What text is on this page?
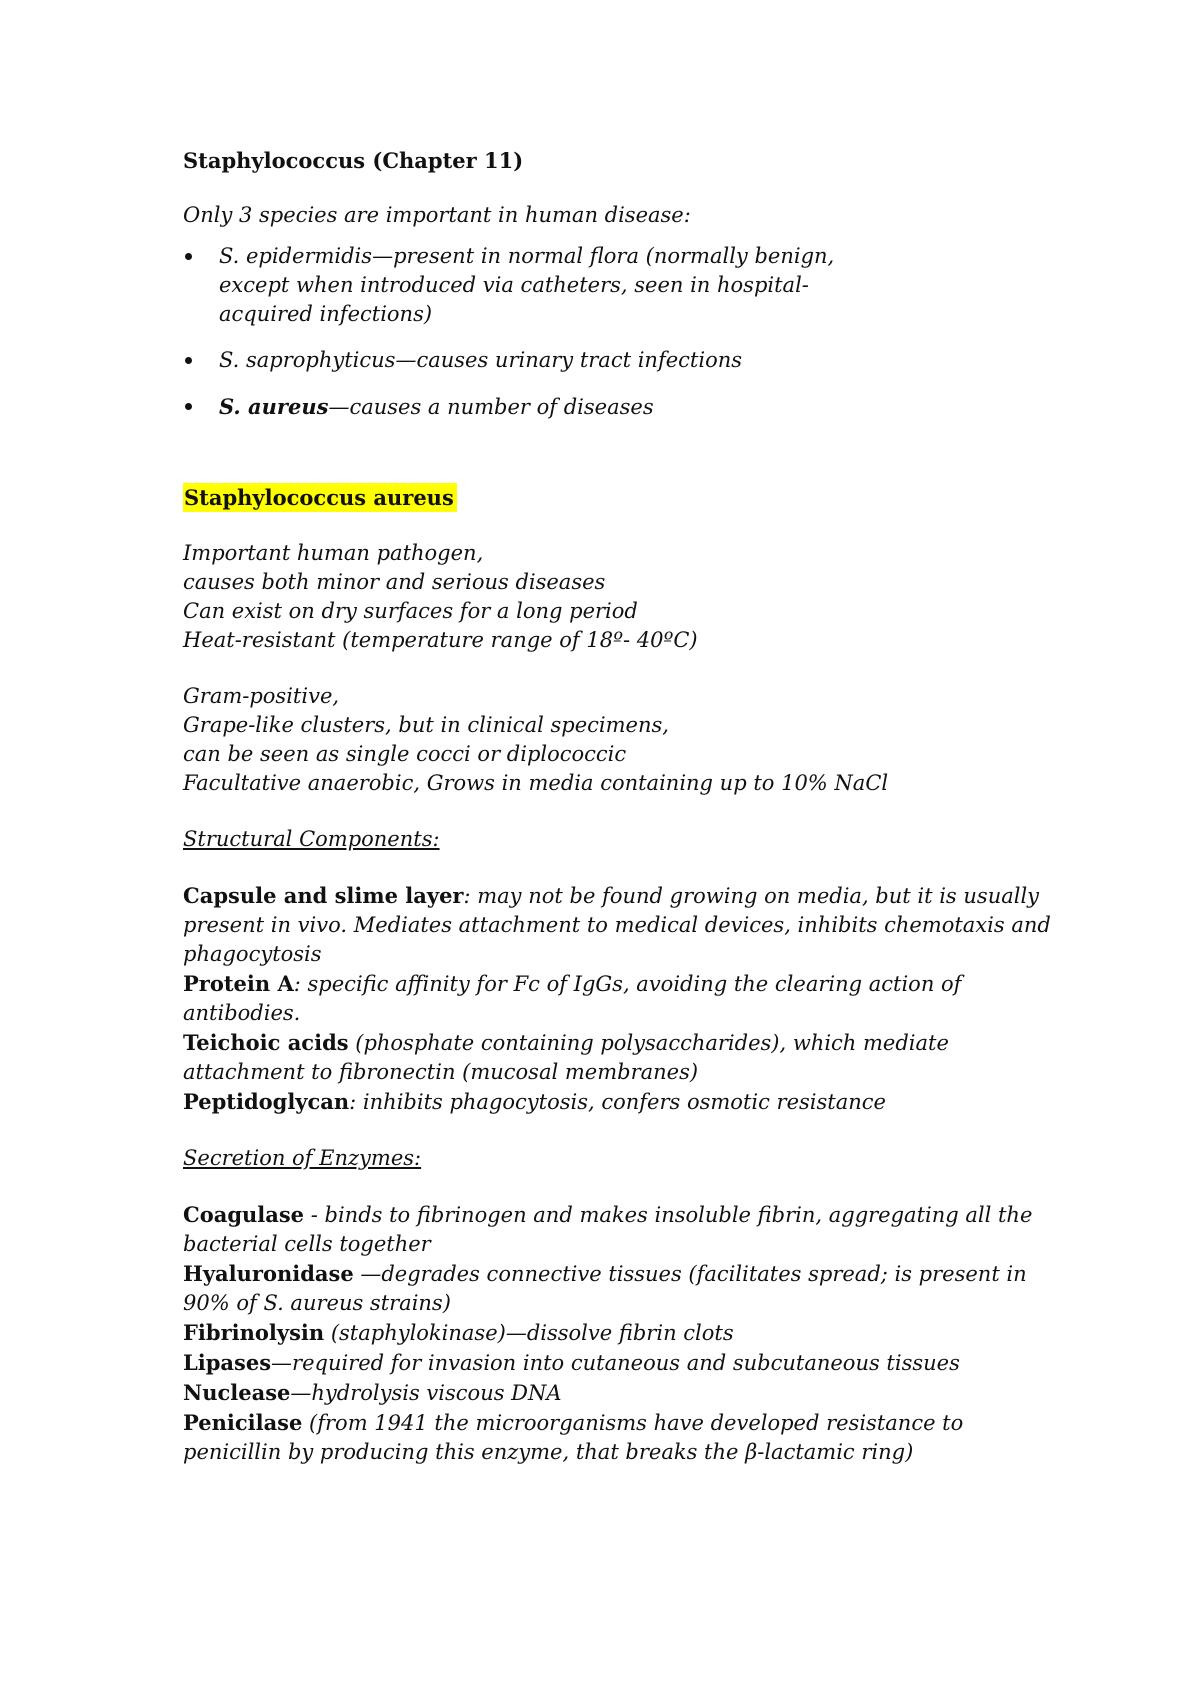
Staphylococcus (Chapter 11)
Only 3 species are important in human disease:
S. epidermidis—present in normal flora (normally benign, except when introduced via catheters, seen in hospital-acquired infections)
S. saprophyticus—causes urinary tract infections
S. aureus—causes a number of diseases
Staphylococcus aureus
Important human pathogen,
causes both minor and serious diseases
Can exist on dry surfaces for a long period
Heat-resistant (temperature range of 18º- 40ºC)
Gram-positive,
Grape-like clusters, but in clinical specimens,
can be seen as single cocci or diplococcic
Facultative anaerobic, Grows in media containing up to 10% NaCl
Structural Components:
Capsule and slime layer: may not be found growing on media, but it is usually present in vivo. Mediates attachment to medical devices, inhibits chemotaxis and phagocytosis
Protein A: specific affinity for Fc of IgGs, avoiding the clearing action of antibodies.
Teichoic acids (phosphate containing polysaccharides), which mediate attachment to fibronectin (mucosal membranes)
Peptidoglycan: inhibits phagocytosis, confers osmotic resistance
Secretion of Enzymes:
Coagulase - binds to fibrinogen and makes insoluble fibrin, aggregating all the bacterial cells together
Hyaluronidase —degrades connective tissues (facilitates spread; is present in 90% of S. aureus strains)
Fibrinolysin (staphylokinase)—dissolve fibrin clots
Lipases—required for invasion into cutaneous and subcutaneous tissues
Nuclease—hydrolysis viscous DNA
Penicilase (from 1941 the microorganisms have developed resistance to penicillin by producing this enzyme, that breaks the β-lactamic ring)
